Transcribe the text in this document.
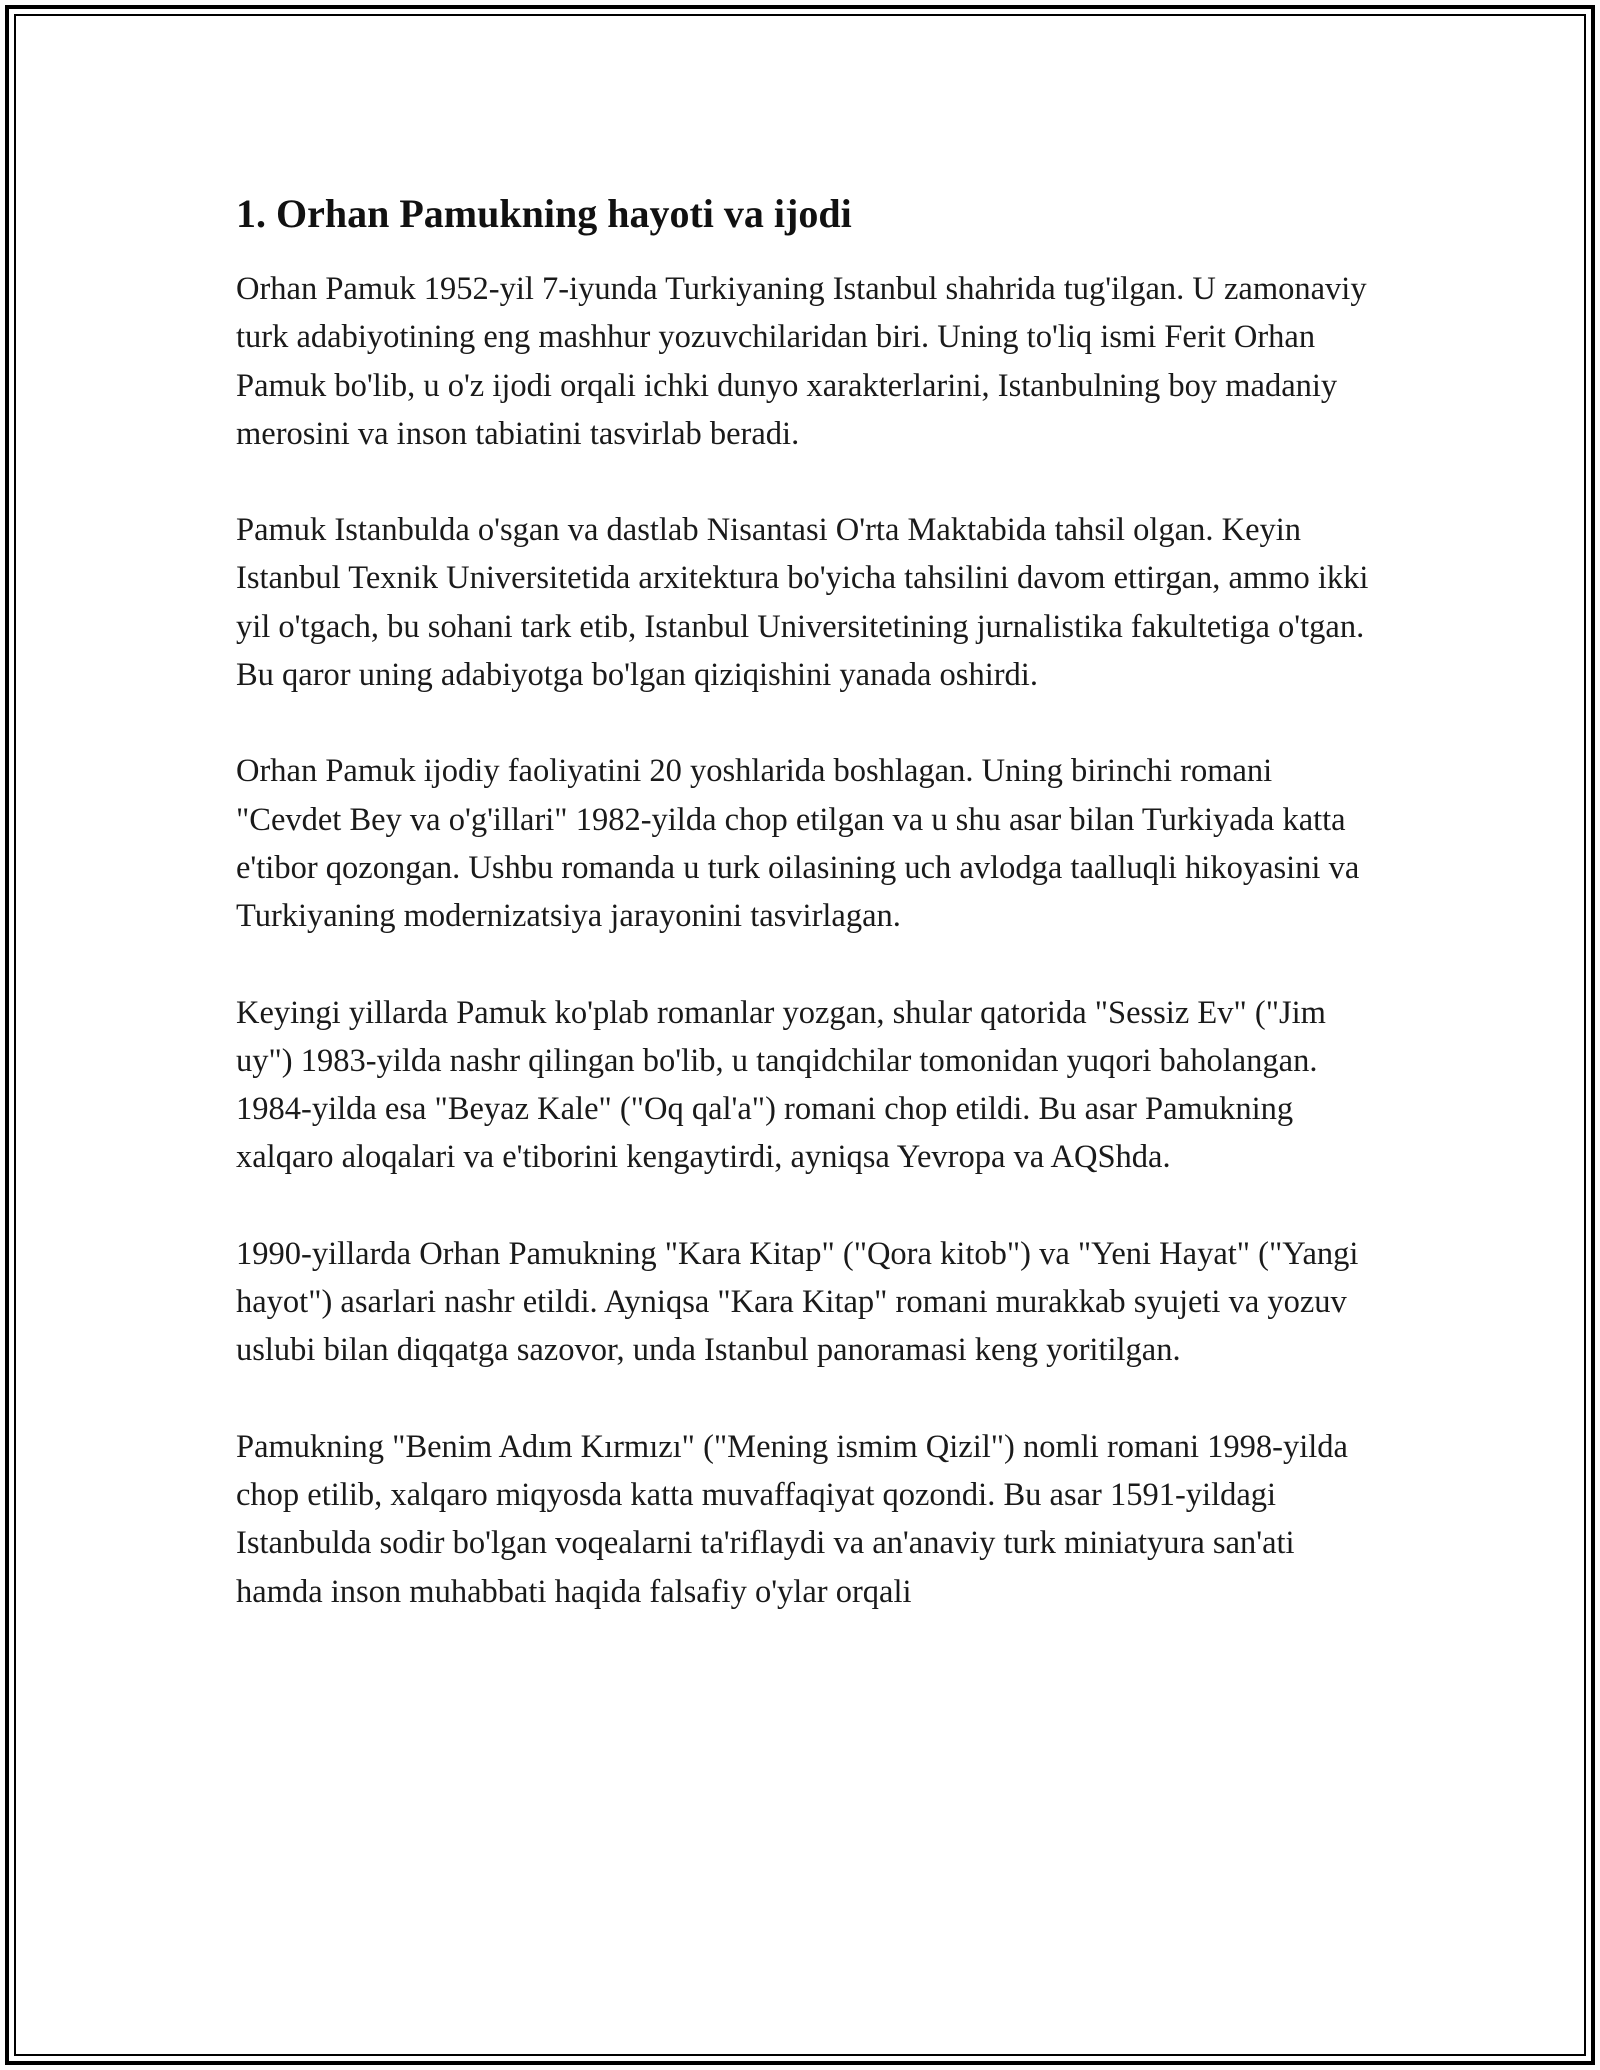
1. Orhan Pamukning hayoti va ijodi

Orhan Pamuk 1952-yil 7-iyunda Turkiyaning Istanbul shahrida tug'ilgan. U zamonaviy turk adabiyotining eng mashhur yozuvchilaridan biri. Uning to'liq ismi Ferit Orhan Pamuk bo'lib, u o'z ijodi orqali ichki dunyo xarakterlarini, Istanbulning boy madaniy merosini va inson tabiatini tasvirlab beradi.

Pamuk Istanbulda o'sgan va dastlab Nisantasi O'rta Maktabida tahsil olgan. Keyin Istanbul Texnik Universitetida arxitektura bo'yicha tahsilini davom ettirgan, ammo ikki yil o'tgach, bu sohani tark etib, Istanbul Universitetining jurnalistika fakultetiga o'tgan. Bu qaror uning adabiyotga bo'lgan qiziqishini yanada oshirdi.

Orhan Pamuk ijodiy faoliyatini 20 yoshlarida boshlagan. Uning birinchi romani "Cevdet Bey va o'g'illari" 1982-yilda chop etilgan va u shu asar bilan Turkiyada katta e'tibor qozongan. Ushbu romanda u turk oilasining uch avlodga taalluqli hikoyasini va Turkiyaning modernizatsiya jarayonini tasvirlagan.

Keyingi yillarda Pamuk ko'plab romanlar yozgan, shular qatorida "Sessiz Ev" ("Jim uy") 1983-yilda nashr qilingan bo'lib, u tanqidchilar tomonidan yuqori baholangan. 1984-yilda esa "Beyaz Kale" ("Oq qal'a") romani chop etildi. Bu asar Pamukning xalqaro aloqalari va e'tiborini kengaytirdi, ayniqsa Yevropa va AQShda.

1990-yillarda Orhan Pamukning "Kara Kitap" ("Qora kitob") va "Yeni Hayat" ("Yangi hayot") asarlari nashr etildi. Ayniqsa "Kara Kitap" romani murakkab syujeti va yozuv uslubi bilan diqqatga sazovor, unda Istanbul panoramasi keng yoritilgan.

Pamukning "Benim Adım Kırmızı" ("Mening ismim Qizil") nomli romani 1998-yilda chop etilib, xalqaro miqyosda katta muvaffaqiyat qozondi. Bu asar 1591-yildagi Istanbulda sodir bo'lgan voqealarni ta'riflaydi va an'anaviy turk miniatyura san'ati hamda inson muhabbati haqida falsafiy o'ylar orqali
